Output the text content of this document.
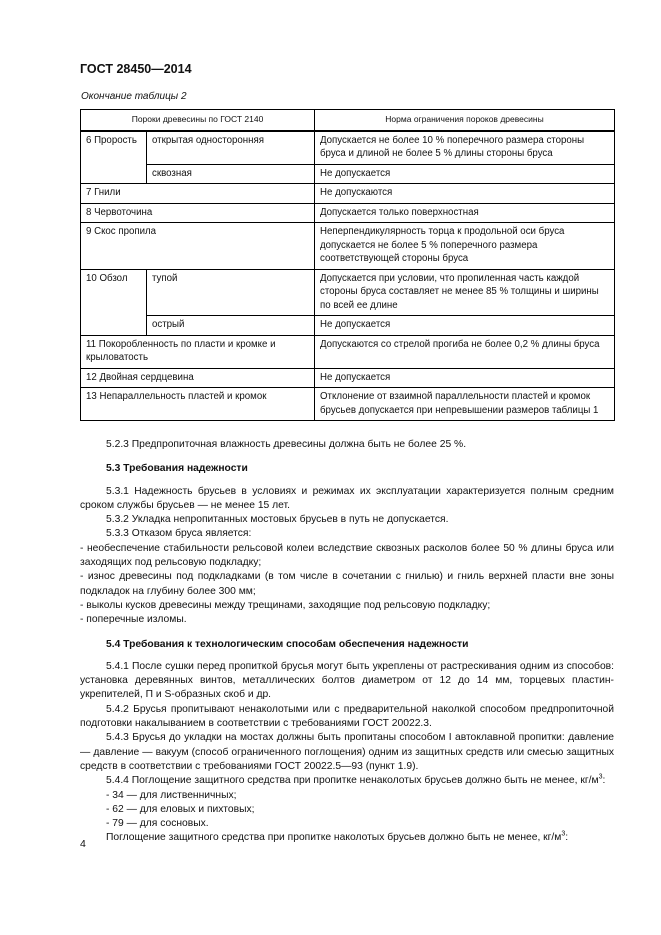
ГОСТ 28450—2014
Окончание таблицы 2
Пороки древесины по ГОСТ 2140		Норма ограничения пороков древесины
6 Прорость	открытая односторонняя	Допускается не более 10 % поперечного размера стороны бруса и длиной не более 5 % длины стороны бруса
	сквозная	Не допускается
7 Гнили		Не допускаются
8 Червоточина		Допускается только поверхностная
9 Скос пропила		Неперпендикулярность торца к продольной оси бруса допускается не более 5 % поперечного размера соответствующей стороны бруса
10 Обзол	тупой	Допускается при условии, что пропиленная часть каждой стороны бруса составляет не менее 85 % толщины и ширины по всей ее длине
	острый	Не допускается
11 Покоробленность по пласти и кромке и крыловатость		Допускаются со стрелой прогиба не более 0,2 % длины бруса
12 Двойная сердцевина		Не допускается
13 Непараллельность пластей и кромок		Отклонение от взаимной параллельности пластей и кромок брусьев допускается при непревышении размеров таблицы 1

5.2.3 Предпропиточная влажность древесины должна быть не более 25 %.

5.3 Требования надежности

5.3.1 Надежность брусьев в условиях и режимах их эксплуатации характеризуется полным средним сроком службы брусьев — не менее 15 лет.

5.3.2 Укладка непропитанных мостовых брусьев в путь не допускается.

5.3.3 Отказом бруса является:

- необеспечение стабильности рельсовой колеи вследствие сквозных расколов более 50 % длины бруса или заходящих под рельсовую подкладку;

- износ древесины под подкладками (в том числе в сочетании с гнилью) и гниль верхней пласти вне зоны подкладок на глубину более 300 мм;

- выколы кусков древесины между трещинами, заходящие под рельсовую подкладку;

- поперечные изломы.

5.4 Требования к технологическим способам обеспечения надежности

5.4.1 После сушки перед пропиткой брусья могут быть укреплены от растрескивания одним из способов: установка деревянных винтов, металлических болтов диаметром от 12 до 14 мм, торцевых пластин-укрепителей, П и S-образных скоб и др.

5.4.2 Брусья пропитывают ненаколотыми или с предварительной наколкой способом предпропиточной подготовки накалыванием в соответствии с требованиями ГОСТ 20022.3.

5.4.3 Брусья до укладки на мостах должны быть пропитаны способом I автоклавной пропитки: давление — давление — вакуум (способ ограниченного поглощения) одним из защитных средств или смесью защитных средств в соответствии с требованиями ГОСТ 20022.5—93 (пункт 1.9).

5.4.4 Поглощение защитного средства при пропитке ненаколотых брусьев должно быть не менее, $кг/м^3$:

- 34 — для лиственничных;

- 62 — для еловых и пихтовых;

- 79 — для сосновых.

Поглощение защитного средства при пропитке наколотых брусьев должно быть не менее, $кг/м^3$:

4
